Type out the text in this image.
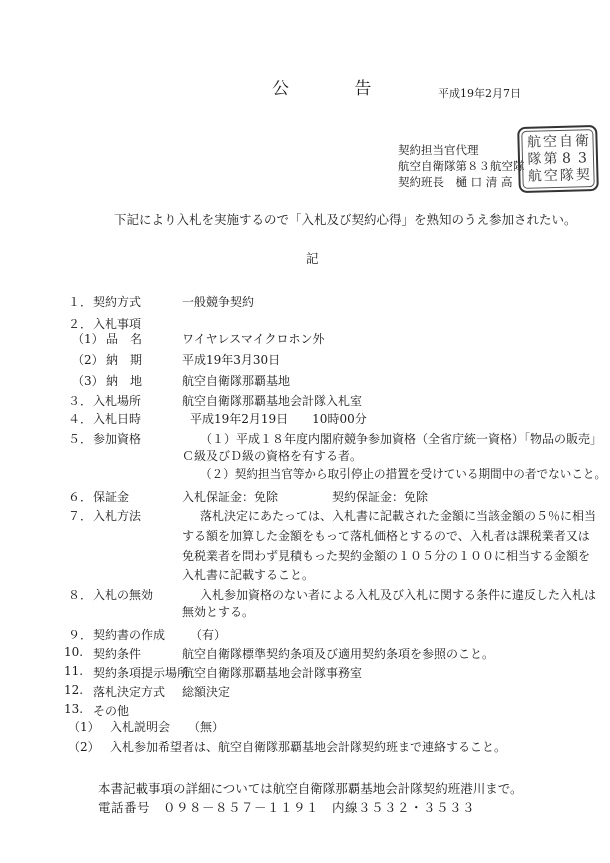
公 告	平成19年2月7日
契約担当官代理
航空自衛隊第８３航空隊
契約班長　樋 口 清 高
航 空 自 衛
隊 第 8 3
航 空 隊 契
下記により入札を実施するので「入札及び契約心得」を熟知のうえ参加されたい。
記
１． 契約方式	一般競争契約
２． 入札事項
（1） 品　名	ワイヤレスマイクロホン外
（2） 納　期	平成19年3月30日
（3） 納　地	航空自衛隊那覇基地
３． 入札場所	航空自衛隊那覇基地会計隊入札室
４． 入札日時	平成19年2月19日　　10時00分
５． 参加資格	（１）平成１８年度内閣府競争参加資格（全省庁統一資格）「物品の販売」
Ｃ級及びＤ級の資格を有する者。
（２）契約担当官等から取引停止の措置を受けている期間中の者でないこと。
６． 保証金	入札保証金：免除	契約保証金：免除
７． 入札方法	落札決定にあたっては、入札書に記載された金額に当該金額の５％に相当
する額を加算した金額をもって落札価格とするので、入札者は課税業者又は
免税業者を問わず見積もった契約金額の１０５分の１００に相当する金額を
入札書に記載すること。
８． 入札の無効	入札参加資格のない者による入札及び入札に関する条件に違反した入札は
無効とする。
９． 契約書の作成 （有）
10. 契約条件	航空自衛隊標準契約条項及び適用契約条項を参照のこと。
11. 契約条項提示場所
航空自衛隊那覇基地会計隊事務室
12. 落札決定方式 総額決定
13. その他
（1） 入札説明会　　（無）
（2） 入札参加希望者は、航空自衛隊那覇基地会計隊契約班まで連絡すること。
本書記載事項の詳細については航空自衛隊那覇基地会計隊契約班港川まで。
電話番号　０９８－８５７－１１９１　内線３５３２・３５３３
